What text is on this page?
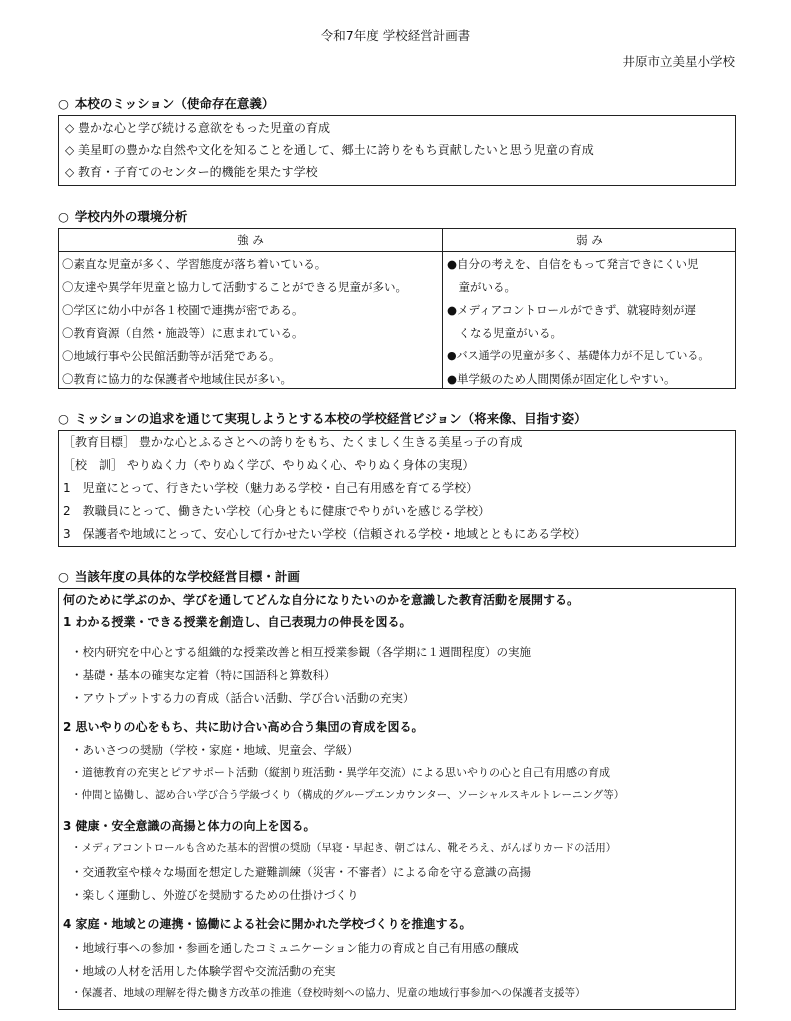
令和7年度 学校経営計画書
井原市立美星小学校
○ 本校のミッション（使命存在意義）
◇ 豊かな心と学び続ける意欲をもった児童の育成
◇ 美星町の豊かな自然や文化を知ることを通して、郷土に誇りをもち貢献したいと思う児童の育成
◇ 教育・子育てのセンター的機能を果たす学校
○ 学校内外の環境分析
強 み	弱 み
〇素直な児童が多く、学習態度が落ち着いている。
〇友達や異学年児童と協力して活動することができる児童が多い。
〇学区に幼小中が各１校園で連携が密である。
〇教育資源（自然・施設等）に恵まれている。
〇地域行事や公民館活動等が活発である。
〇教育に協力的な保護者や地域住民が多い。
●自分の考えを、自信をもって発言できにくい児
　童がいる。
●メディアコントロールができず、就寝時刻が遅
　くなる児童がいる。
●バス通学の児童が多く、基礎体力が不足している。
●単学級のため人間関係が固定化しやすい。
○ ミッションの追求を通じて実現しようとする本校の学校経営ビジョン（将来像、目指す姿）
［教育目標］ 豊かな心とふるさとへの誇りをもち、たくましく生きる美星っ子の育成
［校　訓］ やりぬく力（やりぬく学び、やりぬく心、やりぬく身体の実現）
1　児童にとって、行きたい学校（魅力ある学校・自己有用感を育てる学校）
2　教職員にとって、働きたい学校（心身ともに健康でやりがいを感じる学校）
3　保護者や地域にとって、安心して行かせたい学校（信頼される学校・地域とともにある学校）
○ 当該年度の具体的な学校経営目標・計画
何のために学ぶのか、学びを通してどんな自分になりたいのかを意識した教育活動を展開する。
1 わかる授業・できる授業を創造し、自己表現力の伸長を図る。
・校内研究を中心とする組織的な授業改善と相互授業参観（各学期に１週間程度）の実施
・基礎・基本の確実な定着（特に国語科と算数科）
・アウトプットする力の育成（話合い活動、学び合い活動の充実）
2 思いやりの心をもち、共に助け合い高め合う集団の育成を図る。
・あいさつの奨励（学校・家庭・地域、児童会、学級）
・道徳教育の充実とピアサポート活動（縦割り班活動・異学年交流）による思いやりの心と自己有用感の育成
・仲間と協働し、認め合い学び合う学級づくり（構成的グループエンカウンター、ソーシャルスキルトレーニング等）
3 健康・安全意識の高揚と体力の向上を図る。
・メディアコントロールも含めた基本的習慣の奨励（早寝・早起き、朝ごはん、靴そろえ、がんばりカードの活用）
・交通教室や様々な場面を想定した避難訓練（災害・不審者）による命を守る意識の高揚
・楽しく運動し、外遊びを奨励するための仕掛けづくり
4 家庭・地域との連携・協働による社会に開かれた学校づくりを推進する。
・地域行事への参加・参画を通したコミュニケーション能力の育成と自己有用感の醸成
・地域の人材を活用した体験学習や交流活動の充実
・保護者、地域の理解を得た働き方改革の推進（登校時刻への協力、児童の地域行事参加への保護者支援等）
